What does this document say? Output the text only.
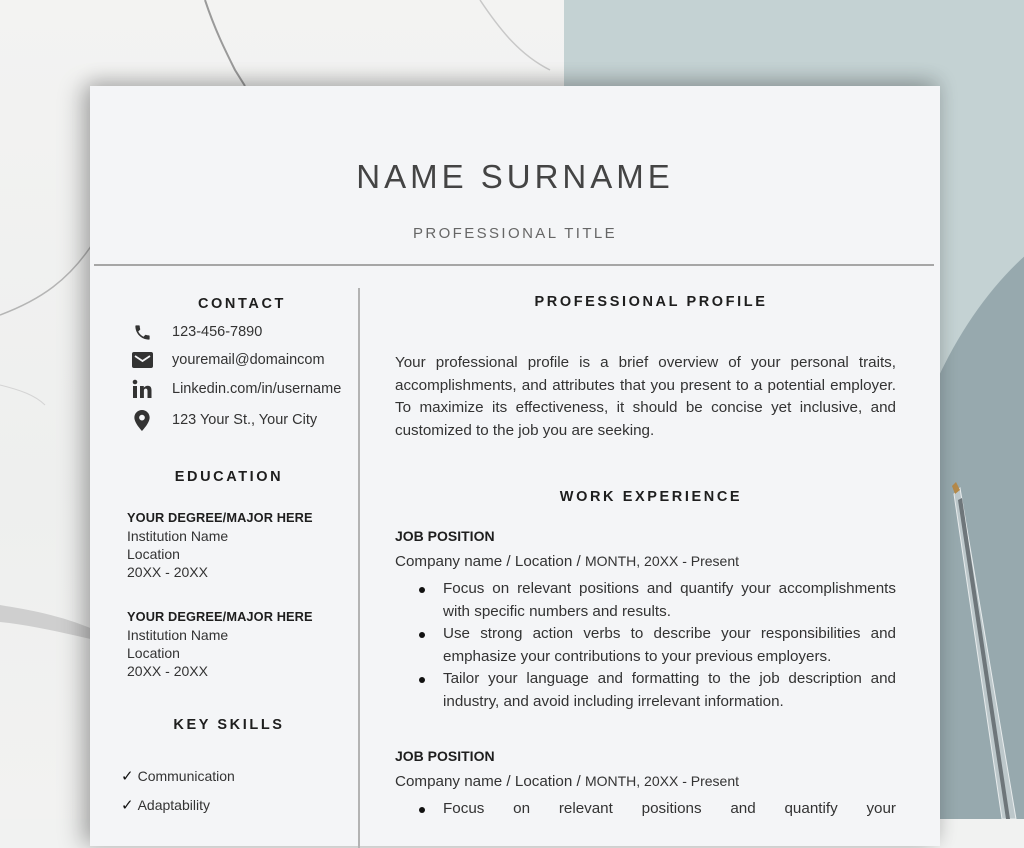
NAME SURNAME
PROFESSIONAL TITLE
CONTACT
123-456-7890
youremail@domaincom
Linkedin.com/in/username
123 Your St., Your City
EDUCATION
YOUR DEGREE/MAJOR HERE
Institution Name
Location
20XX - 20XX
YOUR DEGREE/MAJOR HERE
Institution Name
Location
20XX - 20XX
KEY SKILLS
✓ Communication
✓ Adaptability
PROFESSIONAL PROFILE
Your professional profile is a brief overview of your personal traits, accomplishments, and attributes that you present to a potential employer. To maximize its effectiveness, it should be concise yet inclusive, and customized to the job you are seeking.
WORK EXPERIENCE
JOB POSITION
Company name / Location / MONTH, 20XX - Present
Focus on relevant positions and quantify your accomplishments with specific numbers and results.
Use strong action verbs to describe your responsibilities and emphasize your contributions to your previous employers.
Tailor your language and formatting to the job description and industry, and avoid including irrelevant information.
JOB POSITION
Company name / Location / MONTH, 20XX - Present
Focus on relevant positions and quantify your
